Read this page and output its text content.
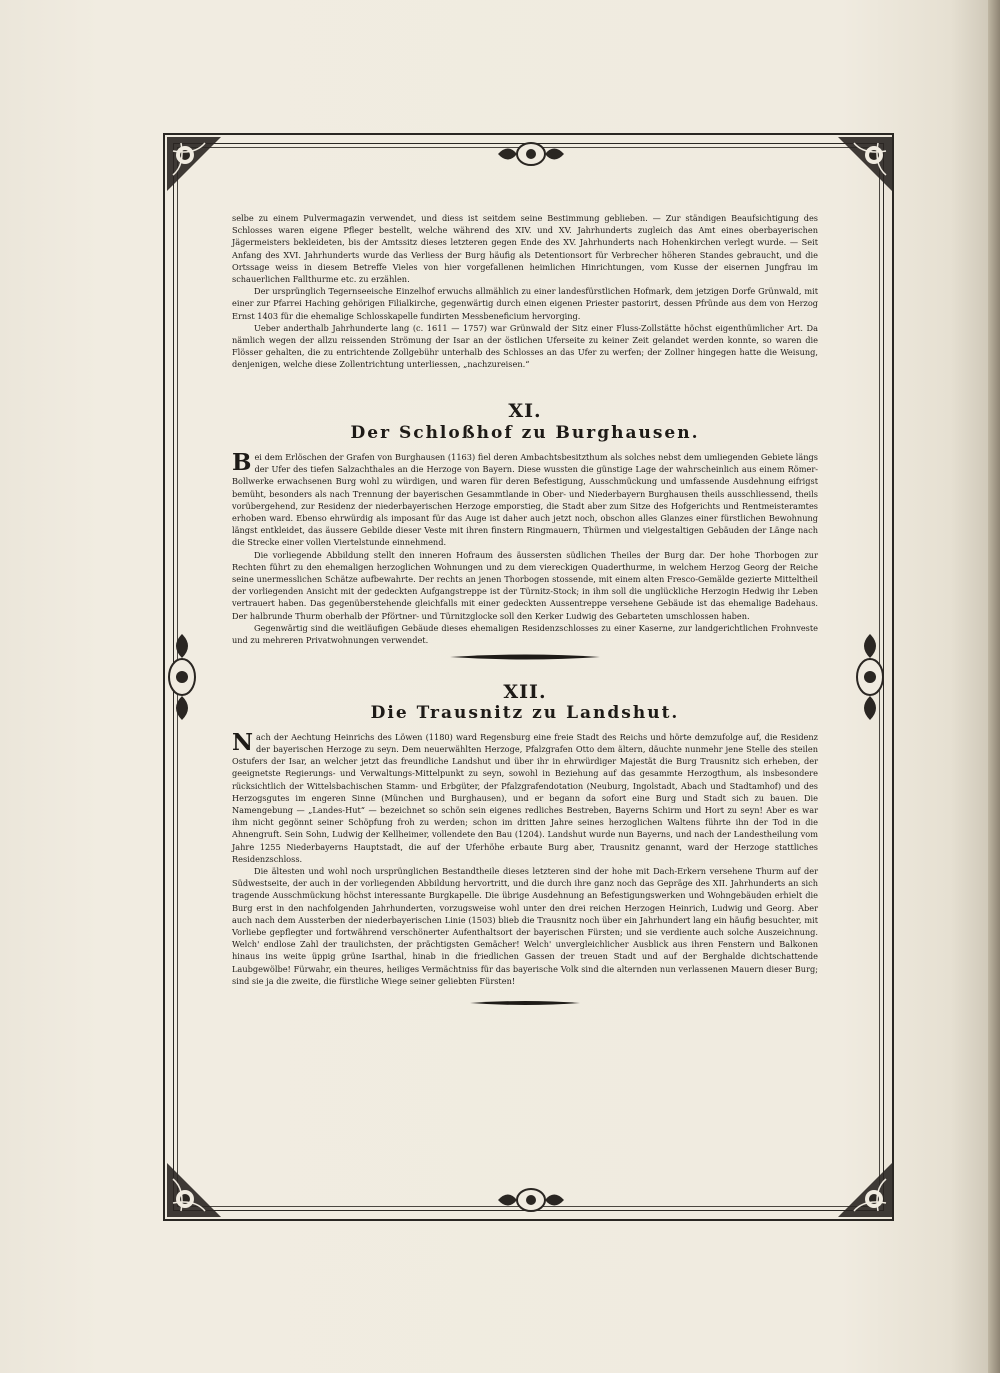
selbe zu einem Pulvermagazin verwendet, und diess ist seitdem seine Bestimmung geblieben. — Zur ständigen Beaufsichtigung des Schlosses waren eigene Pfleger bestellt, welche während des XIV. und XV. Jahrhunderts zugleich das Amt eines oberbayerischen Jägermeisters bekleideten, bis der Amtssitz dieses letzteren gegen Ende des XV. Jahrhunderts nach Hohenkirchen verlegt wurde. — Seit Anfang des XVI. Jahrhunderts wurde das Verliess der Burg häufig als Detentionsort für Verbrecher höheren Standes gebraucht, und die Ortssage weiss in diesem Betreffe Vieles von hier vorgefallenen heimlichen Hinrichtungen, vom Kusse der eisernen Jungfrau im schauerlichen Fallthurme etc. zu erzählen.

Der ursprünglich Tegernseeische Einzelhof erwuchs allmählich zu einer landesfürstlichen Hofmark, dem jetzigen Dorfe Grünwald, mit einer zur Pfarrei Haching gehörigen Filialkirche, gegenwärtig durch einen eigenen Priester pastorirt, dessen Pfründe aus dem von Herzog Ernst 1403 für die ehemalige Schlosskapelle fundirten Messbeneficium hervorging.

Ueber anderthalb Jahrhunderte lang (c. 1611 — 1757) war Grünwald der Sitz einer Fluss-Zollstätte höchst eigenthümlicher Art. Da nämlich wegen der allzu reissenden Strömung der Isar an der östlichen Uferseite zu keiner Zeit gelandet werden konnte, so waren die Flösser gehalten, die zu entrichtende Zollgebühr unterhalb des Schlosses an das Ufer zu werfen; der Zollner hingegen hatte die Weisung, denjenigen, welche diese Zollentrichtung unterliessen, „nachzureisen.“

XI.

Der Schloßhof zu Burghausen.

Bei dem Erlöschen der Grafen von Burghausen (1163) fiel deren Ambachtsbesitzthum als solches nebst dem umliegenden Gebiete längs der Ufer des tiefen Salzachthales an die Herzoge von Bayern. Diese wussten die günstige Lage der wahrscheinlich aus einem Römer-Bollwerke erwachsenen Burg wohl zu würdigen, und waren für deren Befestigung, Ausschmückung und umfassende Ausdehnung eifrigst bemüht, besonders als nach Trennung der bayerischen Gesammtlande in Ober- und Niederbayern Burghausen theils ausschliessend, theils vorübergehend, zur Residenz der niederbayerischen Herzoge emporstieg, die Stadt aber zum Sitze des Hofgerichts und Rentmeisteramtes erhoben ward. Ebenso ehrwürdig als imposant für das Auge ist daher auch jetzt noch, obschon alles Glanzes einer fürstlichen Bewohnung längst entkleidet, das äussere Gebilde dieser Veste mit ihren finstern Ringmauern, Thürmen und vielgestaltigen Gebäuden der Länge nach die Strecke einer vollen Viertelstunde einnehmend.

Die vorliegende Abbildung stellt den inneren Hofraum des äussersten südlichen Theiles der Burg dar. Der hohe Thorbogen zur Rechten führt zu den ehemaligen herzoglichen Wohnungen und zu dem viereckigen Quaderthurme, in welchem Herzog Georg der Reiche seine unermesslichen Schätze aufbewahrte. Der rechts an jenen Thorbogen stossende, mit einem alten Fresco-Gemälde gezierte Mitteltheil der vorliegenden Ansicht mit der gedeckten Aufgangstreppe ist der Türnitz-Stock; in ihm soll die unglückliche Herzogin Hedwig ihr Leben vertrauert haben. Das gegenüberstehende gleichfalls mit einer gedeckten Aussentreppe versehene Gebäude ist das ehemalige Badehaus. Der halbrunde Thurm oberhalb der Pförtner- und Türnitzglocke soll den Kerker Ludwig des Gebarteten umschlossen haben.

Gegenwärtig sind die weitläufigen Gebäude dieses ehemaligen Residenzschlosses zu einer Kaserne, zur landgerichtlichen Frohnveste und zu mehreren Privatwohnungen verwendet.

XII.

Die Trausnitz zu Landshut.

Nach der Aechtung Heinrichs des Löwen (1180) ward Regensburg eine freie Stadt des Reichs und hörte demzufolge auf, die Residenz der bayerischen Herzoge zu seyn. Dem neuerwählten Herzoge, Pfalzgrafen Otto dem ältern, däuchte nunmehr jene Stelle des steilen Ostufers der Isar, an welcher jetzt das freundliche Landshut und über ihr in ehrwürdiger Majestät die Burg Trausnitz sich erheben, der geeignetste Regierungs- und Verwaltungs-Mittelpunkt zu seyn, sowohl in Beziehung auf das gesammte Herzogthum, als insbesondere rücksichtlich der Wittelsbachischen Stamm- und Erbgüter, der Pfalzgrafendotation (Neuburg, Ingolstadt, Abach und Stadtamhof) und des Herzogsgutes im engeren Sinne (München und Burghausen), und er begann da sofort eine Burg und Stadt sich zu bauen. Die Namengebung — „Landes-Hut“ — bezeichnet so schön sein eigenes redliches Bestreben, Bayerns Schirm und Hort zu seyn! Aber es war ihm nicht gegönnt seiner Schöpfung froh zu werden; schon im dritten Jahre seines herzoglichen Waltens führte ihn der Tod in die Ahnengruft. Sein Sohn, Ludwig der Kellheimer, vollendete den Bau (1204). Landshut wurde nun Bayerns, und nach der Landestheilung vom Jahre 1255 Niederbayerns Hauptstadt, die auf der Uferhöhe erbaute Burg aber, Trausnitz genannt, ward der Herzoge stattliches Residenzschloss.

Die ältesten und wohl noch ursprünglichen Bestandtheile dieses letzteren sind der hohe mit Dach-Erkern versehene Thurm auf der Südwestseite, der auch in der vorliegenden Abbildung hervortritt, und die durch ihre ganz noch das Gepräge des XII. Jahrhunderts an sich tragende Ausschmückung höchst interessante Burgkapelle. Die übrige Ausdehnung an Befestigungswerken und Wohngebäuden erhielt die Burg erst in den nachfolgenden Jahrhunderten, vorzugsweise wohl unter den drei reichen Herzogen Heinrich, Ludwig und Georg. Aber auch nach dem Aussterben der niederbayerischen Linie (1503) blieb die Trausnitz noch über ein Jahrhundert lang ein häufig besuchter, mit Vorliebe gepflegter und fortwährend verschönerter Aufenthaltsort der bayerischen Fürsten; und sie verdiente auch solche Auszeichnung. Welch' endlose Zahl der traulichsten, der prächtigsten Gemächer! Welch' unvergleichlicher Ausblick aus ihren Fenstern und Balkonen hinaus ins weite üppig grüne Isarthal, hinab in die friedlichen Gassen der treuen Stadt und auf der Berghalde dichtschattende Laubgewölbe! Fürwahr, ein theures, heiliges Vermächtniss für das bayerische Volk sind die alternden nun verlassenen Mauern dieser Burg; sind sie ja die zweite, die fürstliche Wiege seiner geliebten Fürsten!
